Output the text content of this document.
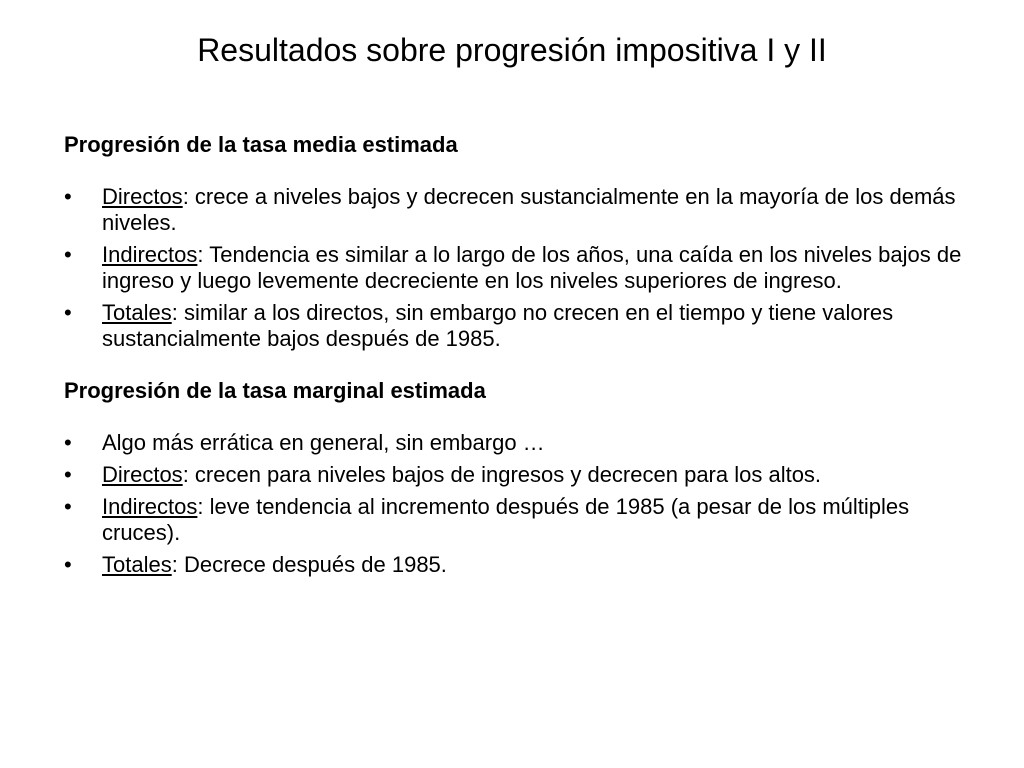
Resultados sobre progresión impositiva I y II

Progresión de la tasa media estimada

• Directos: crece a niveles bajos y decrecen sustancialmente en la mayoría de los demás niveles.
• Indirectos: Tendencia es similar a lo largo de los años, una caída en los niveles bajos de ingreso y luego levemente decreciente en los niveles superiores de ingreso.
• Totales: similar a los directos, sin embargo no crecen en el tiempo y tiene valores sustancialmente bajos después de 1985.

Progresión de la tasa marginal estimada

• Algo más errática en general, sin embargo …
• Directos: crecen para niveles bajos de ingresos y decrecen para los altos.
• Indirectos: leve tendencia al incremento después de 1985 (a pesar de los múltiples cruces).
• Totales: Decrece después de 1985.
